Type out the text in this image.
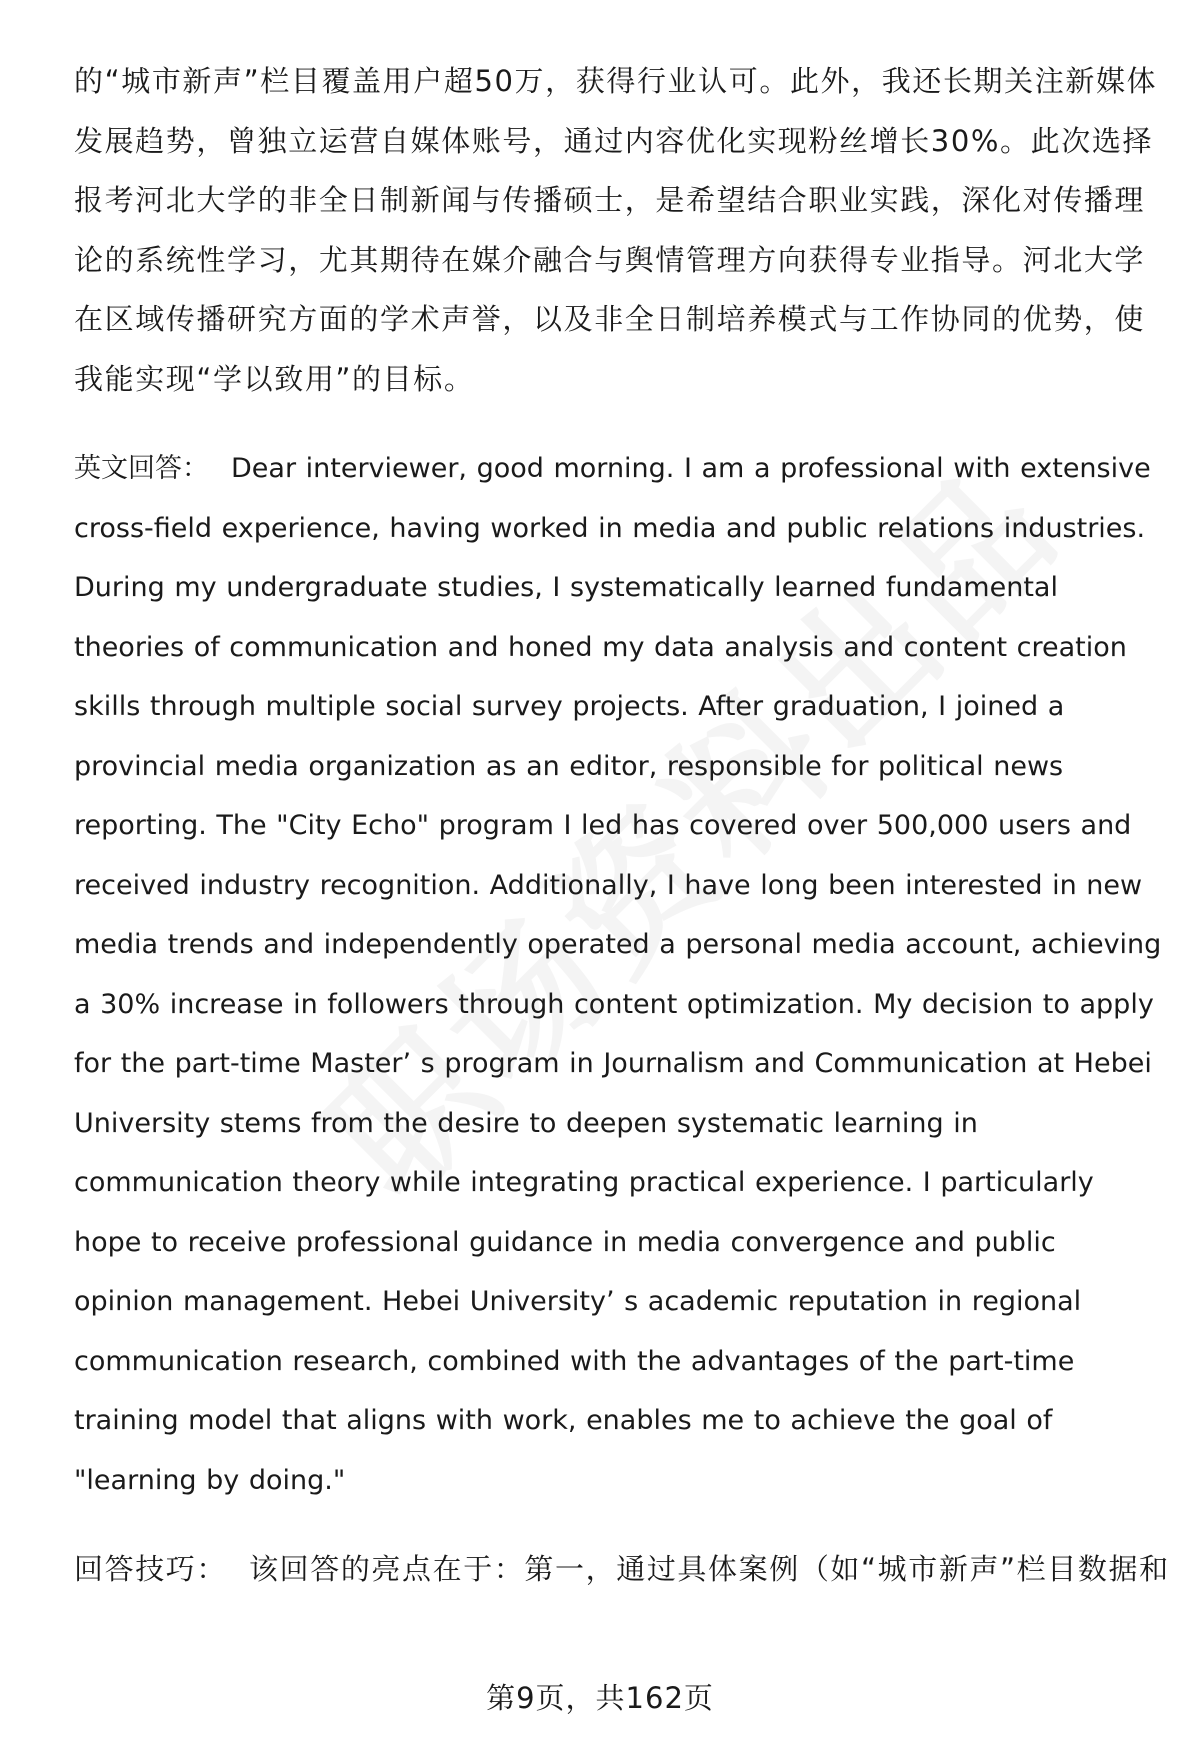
的“城市新声”栏目覆盖用户超50万，获得行业认可。此外，我还长期关注新媒体发展趋势，曾独立运营自媒体账号，通过内容优化实现粉丝增长30%。此次选择报考河北大学的非全日制新闻与传播硕士，是希望结合职业实践，深化对传播理论的系统性学习，尤其期待在媒介融合与舆情管理方向获得专业指导。河北大学在区域传播研究方面的学术声誉，以及非全日制培养模式与工作协同的优势，使我能实现“学以致用”的目标。

英文回答： Dear interviewer, good morning. I am a professional with extensive cross-field experience, having worked in media and public relations industries. During my undergraduate studies, I systematically learned fundamental theories of communication and honed my data analysis and content creation skills through multiple social survey projects. After graduation, I joined a provincial media organization as an editor, responsible for political news reporting. The "City Echo" program I led has covered over 500,000 users and received industry recognition. Additionally, I have long been interested in new media trends and independently operated a personal media account, achieving a 30% increase in followers through content optimization. My decision to apply for the part-time Master’ s program in Journalism and Communication at Hebei University stems from the desire to deepen systematic learning in communication theory while integrating practical experience. I particularly hope to receive professional guidance in media convergence and public opinion management. Hebei University’ s academic reputation in regional communication research, combined with the advantages of the part-time training model that aligns with work, enables me to achieve the goal of "learning by doing."

回答技巧： 该回答的亮点在于：第一，通过具体案例（如“城市新声”栏目数据和

第9页，共162页
